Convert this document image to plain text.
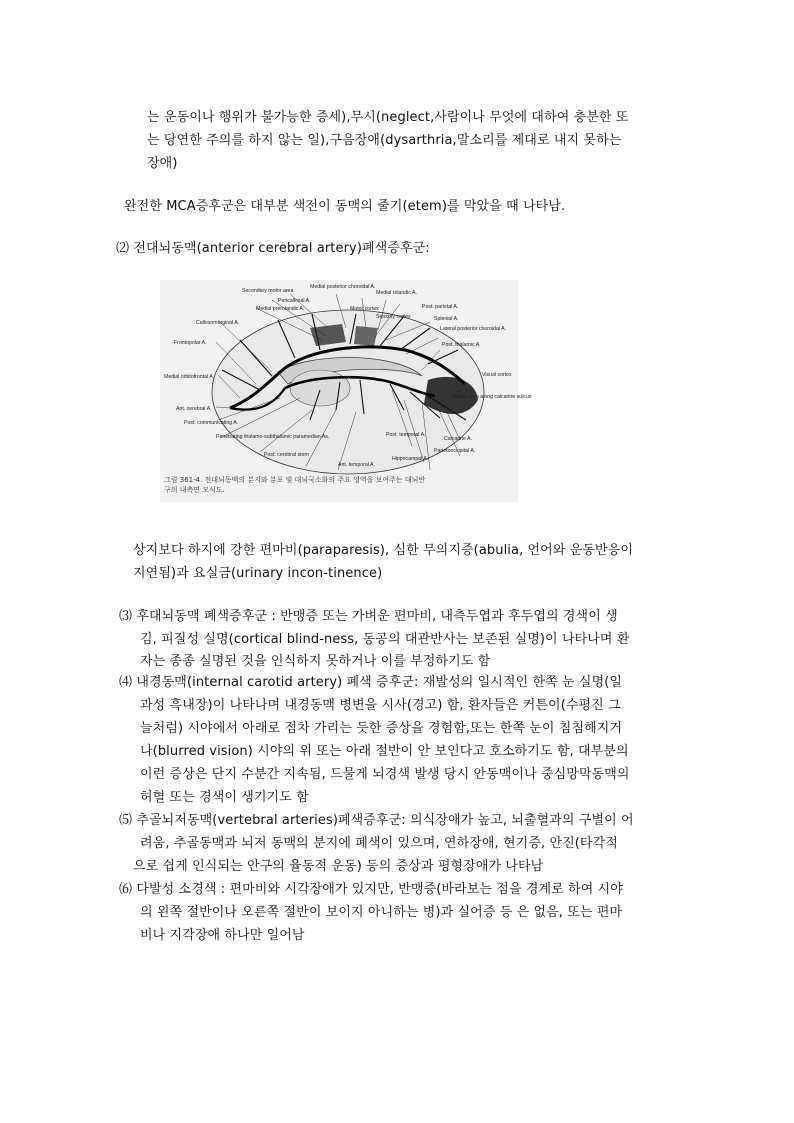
는 운동이나 행위가 불가능한 증세),무시(neglect,사람이나 무엇에 대하여 충분한 또
는 당연한 주의를 하지 않는 일),구음장애(dysarthria,말소리를 제대로 내지 못하는
장애)
완전한 MCA증후군은 대부분 색전이 동맥의 줄기(etem)를 막았을 때 나타남.
⑵ 전대뇌동맥(anterior cerebral artery)폐색증후군:
Secondary motor area
Medial posterior choroidal A.
Medial rolandic A.
Pericallosal A.
Medial prerolandic A.	Motor cortex
Sensory cortex
Post. parietal A.
Splenial A.
Callosomarginal A.
Lateral posterior choroidal A.
Frontopolar A.	Post. thalamic A.
Medial orbitofrontal A.	Visual cortex
Ant. cerebral A.
Striate area along calcarine sulcus
Post. communicating A.
Post. temporal A.
Calcarine A.
Penetrating thalamo-subthalamic paramedian As.
Parietooccipital A.
Hippocampal A.
Post. cerebral stem
Ant. temporal A.
그림 361-4. 전대뇌동맥의 분지와 분포 및 대뇌국소화의 주요 영역을 보여주는 대뇌반
구의 내측면 모식도.
상지보다 하지에 강한 편마비(paraparesis), 심한 무의지증(abulia, 언어와 운동반응이
지연됨)과 요실금(urinary incon-tinence)
⑶ 후대뇌동맥 폐색증후군 : 반맹증 또는 가벼운 편마비, 내측두엽과 후두엽의 경색이 생
김, 피질성 실명(cortical blind-ness, 동공의 대관반사는 보존된 실명)이 나타나며 환
자는 종종 실명된 것을 인식하지 못하거나 이를 부정하기도 함
⑷ 내경동맥(internal carotid artery) 폐색 증후군: 재발성의 일시적인 한쪽 눈 실명(일
과성 흑내장)이 나타나며 내경동맥 병변을 시사(경고) 함, 환자들은 커튼이(수평진 그
늘처럼) 시야에서 아래로 점차 가리는 듯한 증상을 경험함,또는 한쪽 눈이 침침해지거
나(blurred vision) 시야의 위 또는 아래 절반이 안 보인다고 호소하기도 함, 대부분의
이런 증상은 단지 수분간 지속됨, 드물게 뇌경색 발생 당시 안동맥이나 중심망막동맥의
허혈 또는 경색이 생기기도 함
⑸ 추골뇌저동맥(vertebral arteries)폐색증후군: 의식장애가 높고, 뇌출혈과의 구별이 어
려움, 추골동맥과 뇌저 동맥의 분지에 폐색이 있으며, 연하장애, 현기증, 안진(타각적
으로 쉽게 인식되는 안구의 율동적 운동) 등의 증상과 평형장애가 나타남
⑹ 다발성 소경색 : 편마비와 시각장애가 있지만, 반맹증(바라보는 점을 경계로 하여 시야
의 왼쪽 절반이나 오른쪽 절반이 보이지 아니하는 병)과 실어증 등 은 없음, 또는 편마
비나 지각장애 하나만 일어남
